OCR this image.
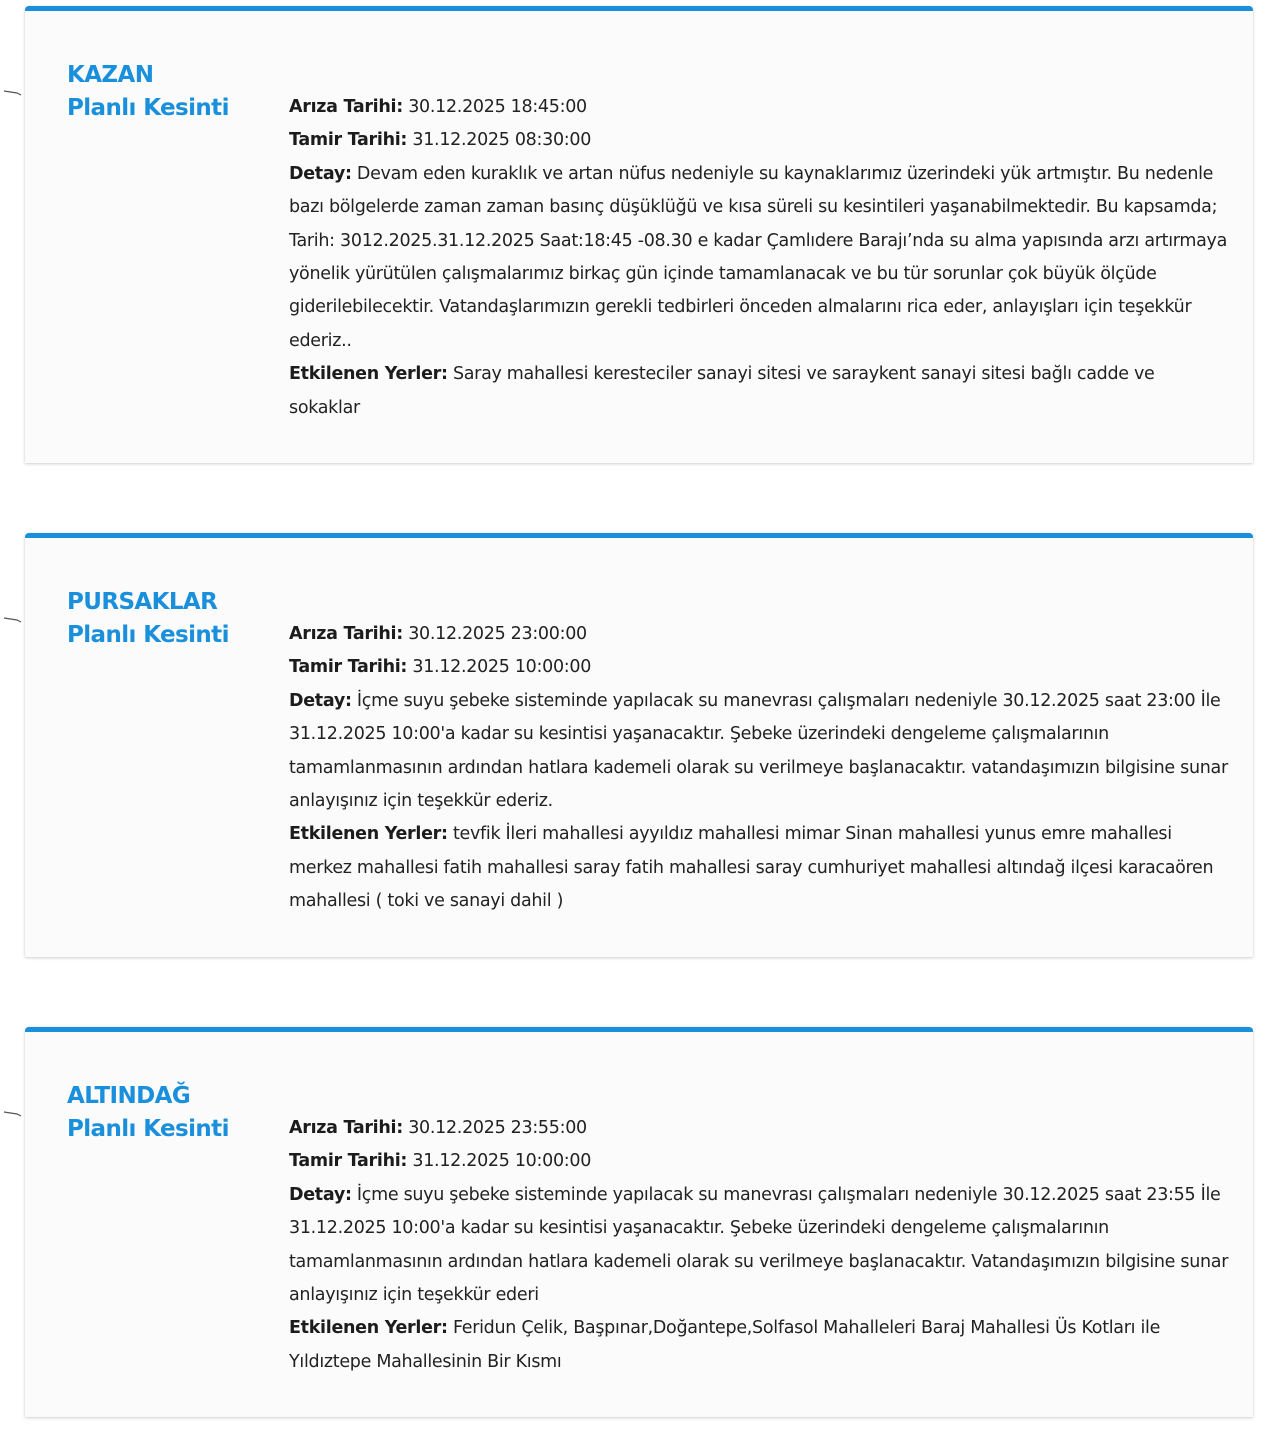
KAZAN
Planlı Kesinti	Arıza Tarihi: 30.12.2025 18:45:00

Tamir Tarihi: 31.12.2025 08:30:00

Detay: Devam eden kuraklık ve artan nüfus nedeniyle su kaynaklarımız üzerindeki yük artmıştır. Bu nedenle bazı bölgelerde zaman zaman basınç düşüklüğü ve kısa süreli su kesintileri yaşanabilmektedir. Bu kapsamda; Tarih: 3012.2025.31.12.2025 Saat:18:45 -08.30 e kadar Çamlıdere Barajı’nda su alma yapısında arzı artırmaya yönelik yürütülen çalışmalarımız birkaç gün içinde tamamlanacak ve bu tür sorunlar çok büyük ölçüde giderilebilecektir. Vatandaşlarımızın gerekli tedbirleri önceden almalarını rica eder, anlayışları için teşekkür ederiz..

Etkilenen Yerler: Saray mahallesi keresteciler sanayi sitesi ve saraykent sanayi sitesi bağlı cadde ve sokaklar

PURSAKLAR
Planlı Kesinti	Arıza Tarihi: 30.12.2025 23:00:00

Tamir Tarihi: 31.12.2025 10:00:00

Detay: İçme suyu şebeke sisteminde yapılacak su manevrası çalışmaları nedeniyle 30.12.2025 saat 23:00 İle 31.12.2025 10:00'a kadar su kesintisi yaşanacaktır. Şebeke üzerindeki dengeleme çalışmalarının tamamlanmasının ardından hatlara kademeli olarak su verilmeye başlanacaktır. vatandaşımızın bilgisine sunar anlayışınız için teşekkür ederiz.

Etkilenen Yerler: tevfik İleri mahallesi ayyıldız mahallesi mimar Sinan mahallesi yunus emre mahallesi merkez mahallesi fatih mahallesi saray fatih mahallesi saray cumhuriyet mahallesi altındağ ilçesi karacaören mahallesi ( toki ve sanayi dahil )

ALTINDAĞ
Planlı Kesinti	Arıza Tarihi: 30.12.2025 23:55:00

Tamir Tarihi: 31.12.2025 10:00:00

Detay: İçme suyu şebeke sisteminde yapılacak su manevrası çalışmaları nedeniyle 30.12.2025 saat 23:55 İle 31.12.2025 10:00'a kadar su kesintisi yaşanacaktır. Şebeke üzerindeki dengeleme çalışmalarının tamamlanmasının ardından hatlara kademeli olarak su verilmeye başlanacaktır. Vatandaşımızın bilgisine sunar anlayışınız için teşekkür ederi

Etkilenen Yerler: Feridun Çelik, Başpınar,Doğantepe,Solfasol Mahalleleri Baraj Mahallesi Üs Kotları ile Yıldıztepe Mahallesinin Bir Kısmı
